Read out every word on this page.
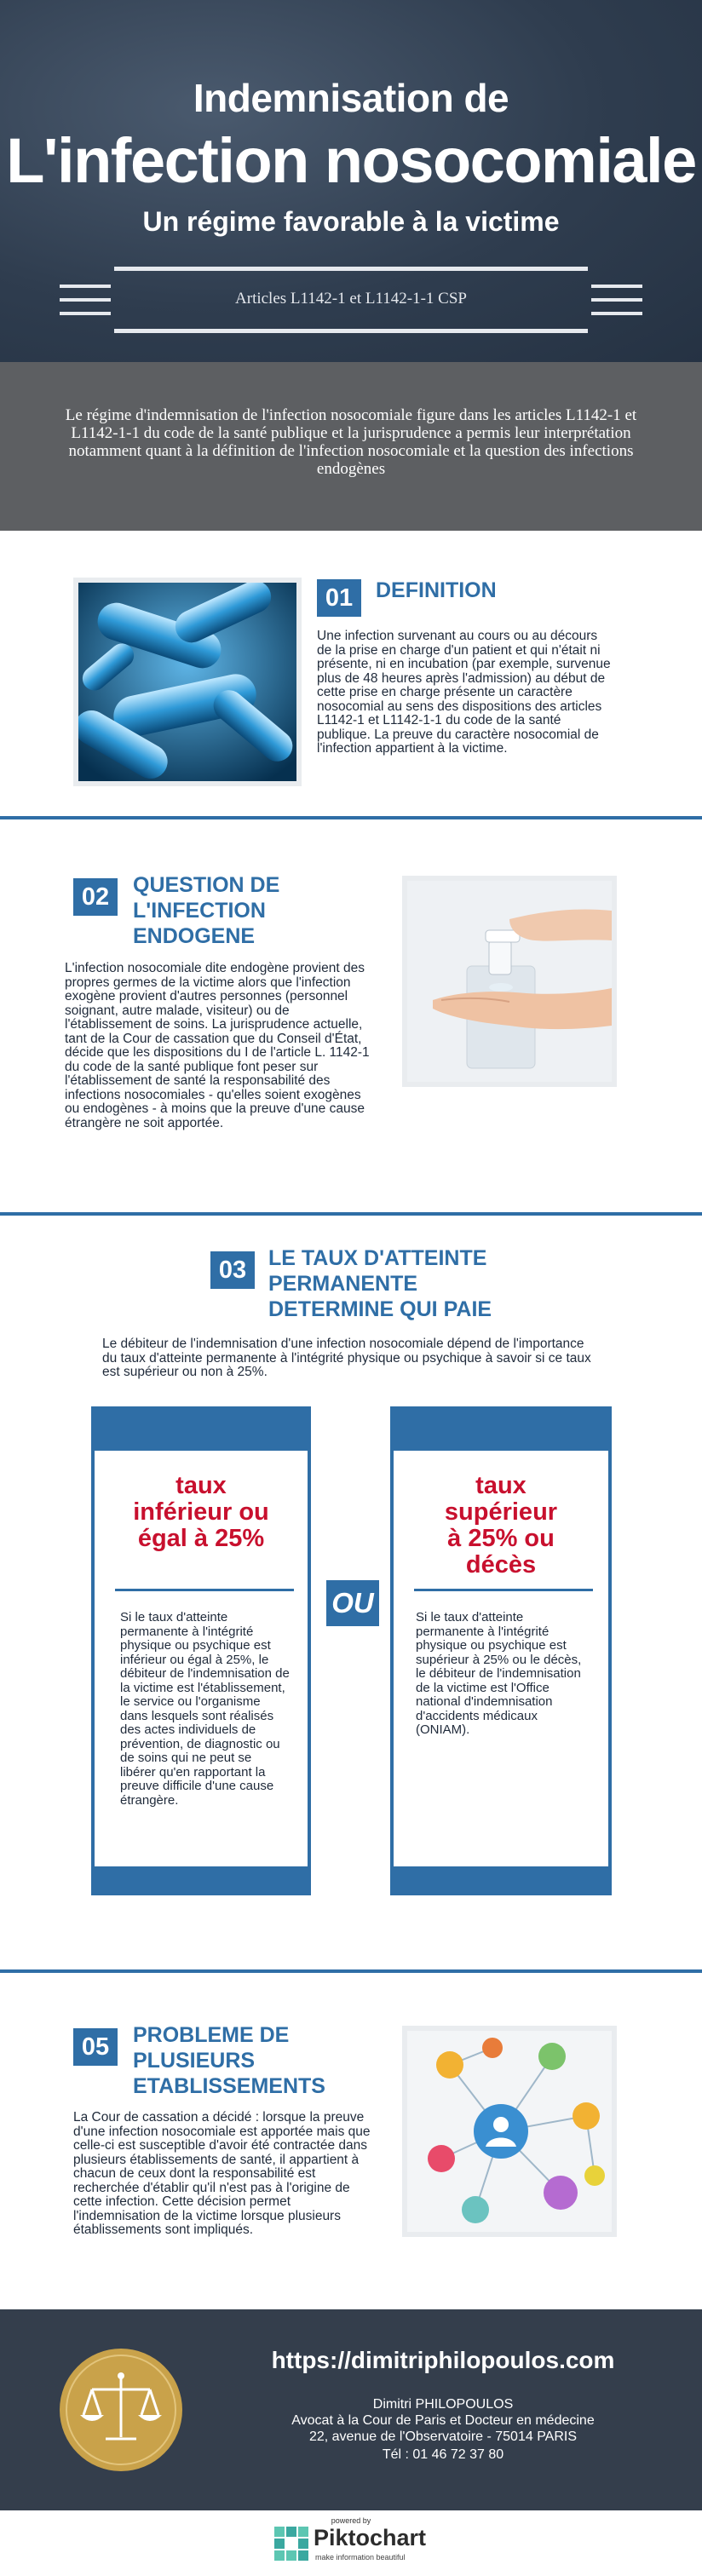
Indemnisation de
L'infection nosocomiale
Un régime favorable à la victime
Articles L1142-1 et L1142-1-1 CSP
Le régime d'indemnisation de l'infection nosocomiale figure dans les articles L1142-1 et L1142-1-1 du code de la santé publique et la jurisprudence a permis leur interprétation notamment quant à la définition de l'infection nosocomiale et la question des infections endogènes
01	DEFINITION
Une infection survenant au cours ou au décours de la prise en charge d'un patient et qui n'était ni présente, ni en incubation (par exemple, survenue plus de 48 heures après l'admission) au début de cette prise en charge présente un caractère nosocomial au sens des dispositions des articles L1142-1 et L1142-1-1 du code de la santé publique. La preuve du caractère nosocomial de l'infection appartient à la victime.
02	QUESTION DE L'INFECTION ENDOGENE
L'infection nosocomiale dite endogène provient des propres germes de la victime alors que l'infection exogène provient d'autres personnes (personnel soignant, autre malade, visiteur) ou de l'établissement de soins. La jurisprudence actuelle, tant de la Cour de cassation que du Conseil d'État, décide que les dispositions du I de l'article L. 1142-1 du code de la santé publique font peser sur l'établissement de santé la responsabilité des infections nosocomiales - qu'elles soient exogènes ou endogènes - à moins que la preuve d'une cause étrangère ne soit apportée.
03	LE TAUX D'ATTEINTE PERMANENTE DETERMINE QUI PAIE
Le débiteur de l'indemnisation d'une infection nosocomiale dépend de l'importance du taux d'atteinte permanente à l'intégrité physique ou psychique à savoir si ce taux est supérieur ou non à 25%.
taux inférieur ou égal à 25%
Si le taux d'atteinte permanente à l'intégrité physique ou psychique est inférieur ou égal à 25%, le débiteur de l'indemnisation de la victime est l'établissement, le service ou l'organisme dans lesquels sont réalisés des actes individuels de prévention, de diagnostic ou de soins qui ne peut se libérer qu'en rapportant la preuve difficile d'une cause étrangère.
OU
taux supérieur à 25% ou décès
Si le taux d'atteinte permanente à l'intégrité physique ou psychique est supérieur à 25% ou le décès, le débiteur de l'indemnisation de la victime est l'Office national d'indemnisation d'accidents médicaux (ONIAM).
05	PROBLEME DE PLUSIEURS ETABLISSEMENTS
La Cour de cassation a décidé : lorsque la preuve d'une infection nosocomiale est apportée mais que celle-ci est susceptible d'avoir été contractée dans plusieurs établissements de santé, il appartient à chacun de ceux dont la responsabilité est recherchée d'établir qu'il n'est pas à l'origine de cette infection. Cette décision permet l'indemnisation de la victime lorsque plusieurs établissements sont impliqués.
https://dimitriphilopoulos.com
Dimitri PHILOPOULOS
Avocat à la Cour de Paris et Docteur en médecine
22, avenue de l'Observatoire - 75014 PARIS
Tél : 01 46 72 37 80
powered by
Piktochart
make information beautiful
